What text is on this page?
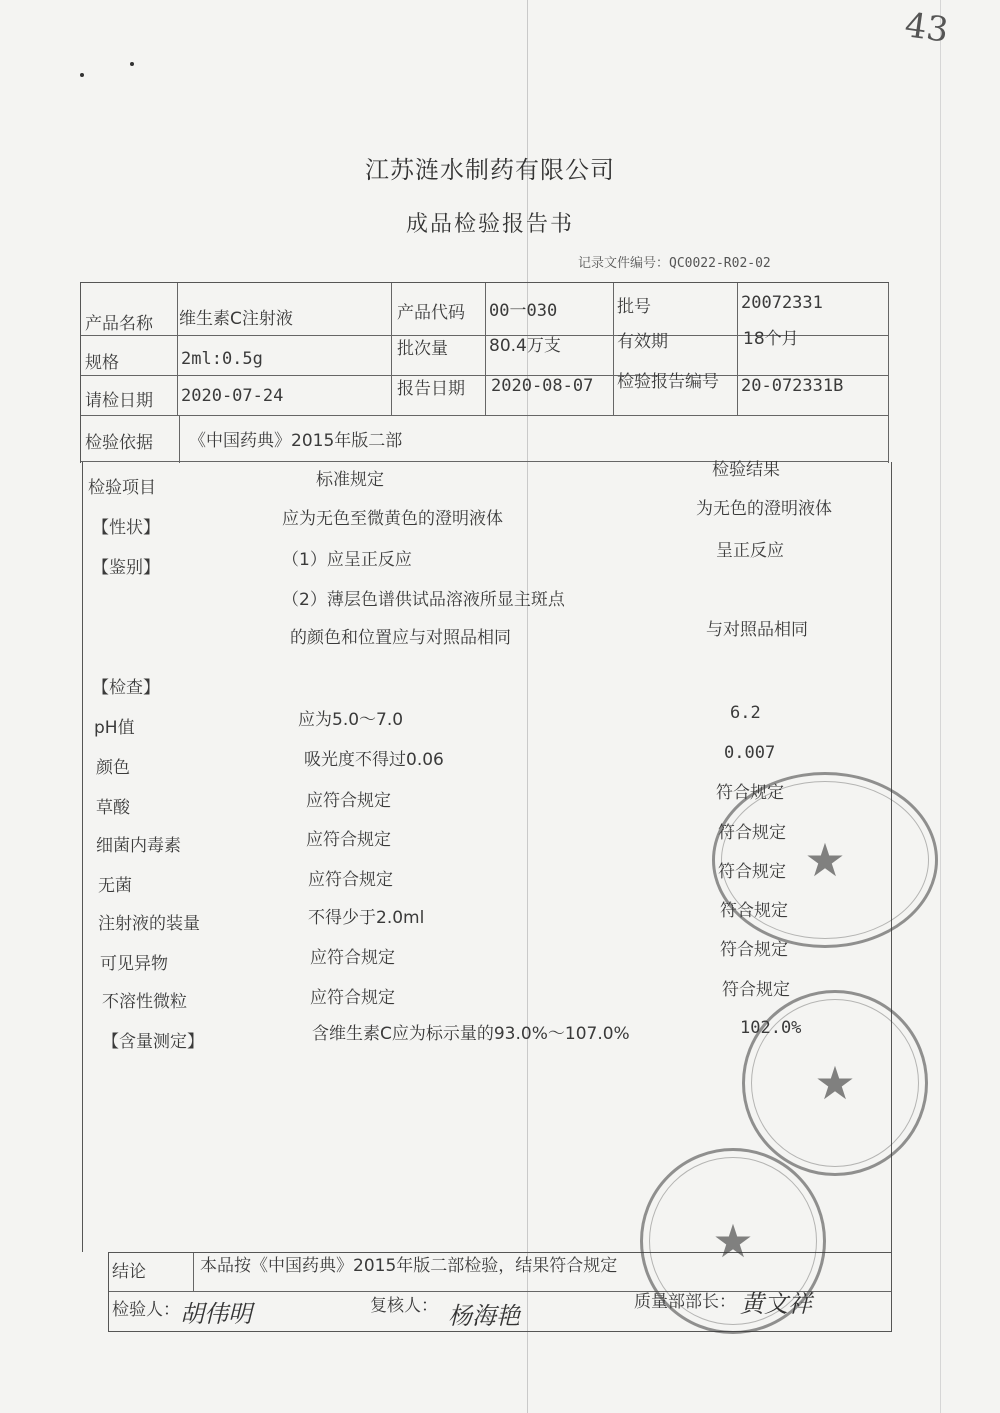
43
江苏涟水制药有限公司
成品检验报告书
记录文件编号：QC0022-R02-02
产品名称 维生素C注射液	产品代码 00一030	批号	20072331
规格	2ml:0.5g	批次量 80.4万支	有效期	18个月
请检日期 2020-07-24	报告日期 2020-08-07 检验报告编号 20-072331B
检验依据 《中国药典》2015年版二部
检验项目	标准规定	检验结果
【性状】	应为无色至微黄色的澄明液体	为无色的澄明液体
【鉴别】	（1）应呈正反应	呈正反应
（2）薄层色谱供试品溶液所显主斑点
的颜色和位置应与对照品相同	与对照品相同
【检查】
pH值	应为5.0～7.0	6.2
颜色	吸光度不得过0.06	0.007
草酸	应符合规定	符合规定
细菌内毒素	应符合规定	符合规定
无菌	应符合规定	符合规定
注射液的装量	不得少于2.0ml	符合规定
可见异物	应符合规定	符合规定
不溶性微粒	应符合规定	符合规定
【含量测定】	含维生素C应为标示量的93.0%～107.0%	102.0%
结论	本品按《中国药典》2015年版二部检验，结果符合规定
检验人： 胡伟明	复核人： 杨海艳	质量部部长： 黄文祥
★
★
★
